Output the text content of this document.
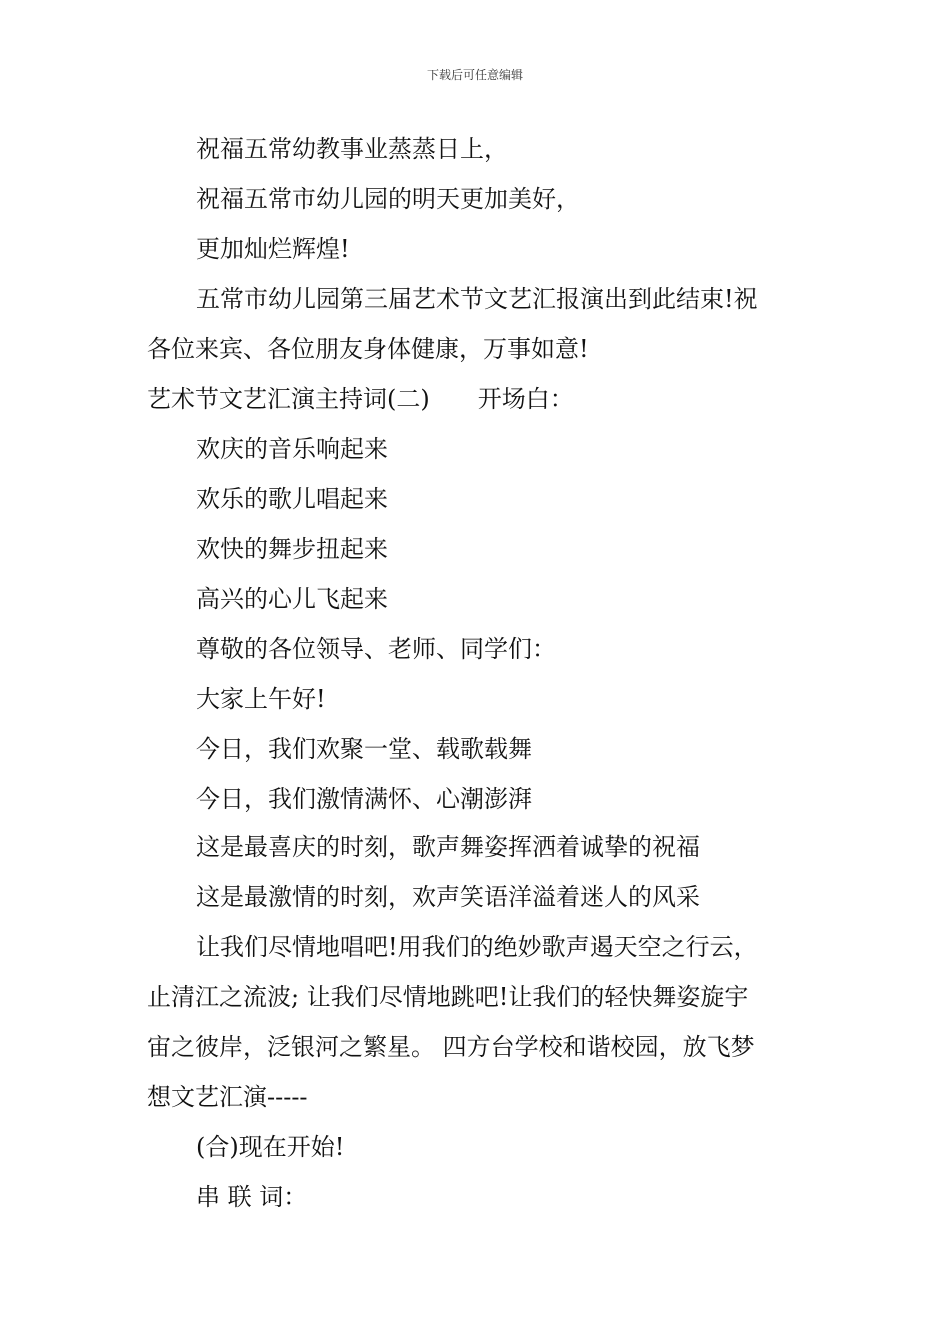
下载后可任意编辑
祝福五常幼教事业蒸蒸日上，
祝福五常市幼儿园的明天更加美好，
更加灿烂辉煌!
五常市幼儿园第三届艺术节文艺汇报演出到此结束!祝
各位来宾、各位朋友身体健康，万事如意!
艺术节文艺汇演主持词(二)　　开场白：
欢庆的音乐响起来
欢乐的歌儿唱起来
欢快的舞步扭起来
高兴的心儿飞起来
尊敬的各位领导、老师、同学们：
大家上午好!
今日，我们欢聚一堂、载歌载舞
今日，我们激情满怀、心潮澎湃
这是最喜庆的时刻，歌声舞姿挥洒着诚挚的祝福
这是最激情的时刻，欢声笑语洋溢着迷人的风采
让我们尽情地唱吧!用我们的绝妙歌声遏天空之行云，
止清江之流波; 让我们尽情地跳吧!让我们的轻快舞姿旋宇
宙之彼岸，泛银河之繁星。 四方台学校和谐校园，放飞梦
想文艺汇演-----
(合)现在开始!
串 联 词：
